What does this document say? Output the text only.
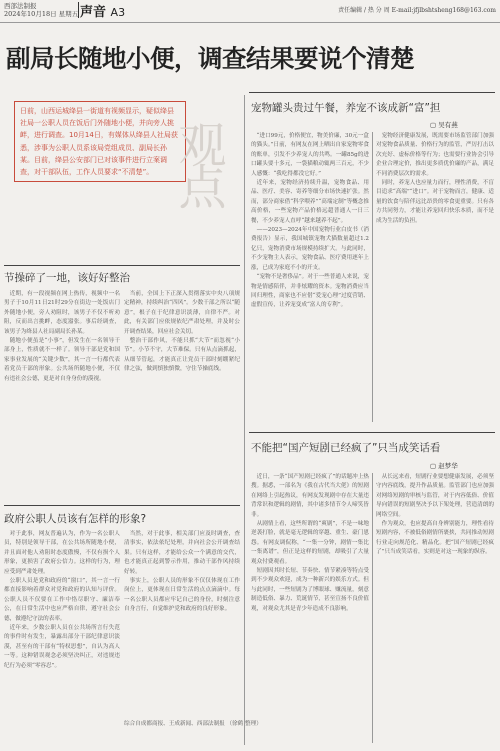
西部法制报
2024年10月18日 星期五 声音 A3	责任编辑 / 热 分 周 E-mail:jfjlbshtsheng168@163.com
副局长随地小便，调查结果要说个清楚
日前，山西运城绛县一街道有视频显示，疑似绛县社局一公职人员在饭后门外随地小便，并向旁人挑衅，进行调查。10月14日，有媒体从绛县人社局获悉，涉事为公职人员系该局党组成员、副局长孙某。目前，绛县公安部门已对该事件进行立案调查，对干部队伍，工作人员要求“不清楚”。 观点
宠物罐头贵过午餐，养宠不该成新“富”担
▢ 吴有燕

“进口99元，价格便宜，物美价廉，30元一盒的猫头。”日前，有网友在网上晒出自家宠物零食的账单，引发不少养宠人的共鸣。一罐85g的进口罐头要十多元，一袋猫粮动辄两三百元，不少人感慨：“我吃得都没它好。”

近年来，宠物经济持续升温，宠物食品、用品、医疗、美容、寄养等细分市场快速扩张。然而，部分商家借“科学喂养”“高端定制”等概念推高价格，一些宠物产品价格远超普通人一日三餐，不少养宠人直呼“越来越养不起”。

——2023—2024年中国宠物行业白皮书（消费报告）显示，我国城镇宠物犬猫数量超过1.2亿只，宠物消费市场规模持续扩大。与此同时，不少宠物主人表示，宠物食品、医疗费用逐年上涨，已成为家庭不小的开支。

“宠物不是奢侈品”。对于一些普通人来说，宠物是情感陪伴，并非炫耀的资本。宠物消费应当回归理性，商家也不应借“爱宠心理”过度营销、虚假宣传，让养宠变成“富人的专利”。

宠物经济健康发展，既需要市场监管部门加强对宠物食品质量、价格行为的监管，严厉打击以次充好、虚标价格等行为；也需要行业协会引导企业合理定价，推出更多质优价廉的产品，满足不同消费层次的需求。

同时，养宠人也应量力而行，理性消费，不盲目追求“高端”“进口”。对于宠物而言，健康、适量的饮食与陪伴远比昂贵的零食更重要。只有各方共同努力，才能让养宠回归快乐本质，而不是成为生活的负担。

节操碎了一地，该好好整治

近期，有一段视频在网上热传，视频中一名男子于10月11日21时29分在街边一处饭店门外随地小便，旁人劝阻时，该男子不仅不听劝阻，反而出言挑衅，态度嚣张。事后经调查，该男子为绛县人社局副局长孙某。

随地小便虽是“小事”，但发生在一名领导干部身上，性质就不一样了。领导干部是党和国家事业发展的“关键少数”，其一言一行都代表着党员干部的形象。公共场所随地小便，不仅有违社会公德，更是对自身身份的漠视。

当前，全国上下正深入贯彻落实中央八项规定精神，持续纠治“四风”。少数干部之所以“随意”，根子在于纪律意识淡薄，自律不严。对此，有关部门应依规依纪严肃处理，并及时公开调查结果，回应社会关切。

整治干部作风，不能只抓“大节”而忽视“小节”。小节不守，大节难保。只有从点滴抓起，从细节管起，才能真正让党员干部时刻绷紧纪律之弦，做到慎独慎微，守住节操底线。

政府公职人员该有怎样的形象?

对于此事，网友普遍认为，作为一名公职人员，特别是领导干部，在公共场所随地小便，并且面对他人劝阻时态度傲慢，不仅有损个人形象，更损害了政府公信力。这样的行为，理应受到严肃处理。

公职人员是党和政府的“窗口”，其一言一行都直接影响着群众对党和政府的认知与评价。公职人员不仅要在工作中恪尽职守、廉洁奉公，在日常生活中也应严格自律，遵守社会公德，做遵纪守法的表率。

近年来，少数公职人员在公共场所言行失范的事件时有发生，暴露出部分干部纪律意识淡漠，甚至有的干部有“特权思想”，自认为高人一等。这种错误观念必须坚决纠正，对违规违纪行为必须“零容忍”。

当然，对于此事，相关部门应及时调查，查清事实，依法依纪处理，并向社会公开调查结果。只有这样，才能给公众一个满意的交代，也才能真正起到警示作用，推动干部作风持续好转。

事实上，公职人员的形象不仅仅体现在工作岗位上，更体现在日常生活的点点滴滴中。每一名公职人员都应牢记自己的身份，时刻注意自身言行，自觉维护党和政府的良好形象。

综合自成都商报、王成新闻、西部法制报 （徐鹤 整理）
不能把“国产短剧已经疯了”只当成笑话看
▢ 赵梦华

近日，一条“国产短剧已经疯了”的话题冲上热搜。据悉，一部名为《我在古代当大佬》的短剧在网络上引起热议，有网友发现剧中存在大量违背常识和逻辑的剧情，其中诸多情节令人啼笑皆非。

从剧情上看，这些所谓的“爽剧”，不是一味地逆袭打脸，就是毫无逻辑的穿越、重生、豪门恩怨。有网友调侃称，“一集一分钟，剧情一集比一集离谱”，但正是这样的短剧，却吸引了大量观众付费观看。

短剧因其时长短、节奏快、情节紧凑等特点受到不少观众欢迎，成为一种新兴的娱乐方式。但与此同时，一些短剧为了博眼球、赚流量，刻意制造低俗、暴力、荒诞情节，甚至宣扬不良价值观，对观众尤其是青少年造成不良影响。

从长远来看，短剧行业要想健康发展，必须坚守内容底线，提升作品质量。监管部门也应加强对网络短剧的审核与监管，对于内容低俗、价值导向错误的短剧坚决予以下架处理，营造清朗的网络空间。

作为观众，也应提高自身辨别能力，理性看待短剧内容，不被低俗剧情所裹挟，共同推动短剧行业走向规范化、精品化。把“国产短剧已经疯了”只当成笑话看，实则是对这一现象的纵容。
